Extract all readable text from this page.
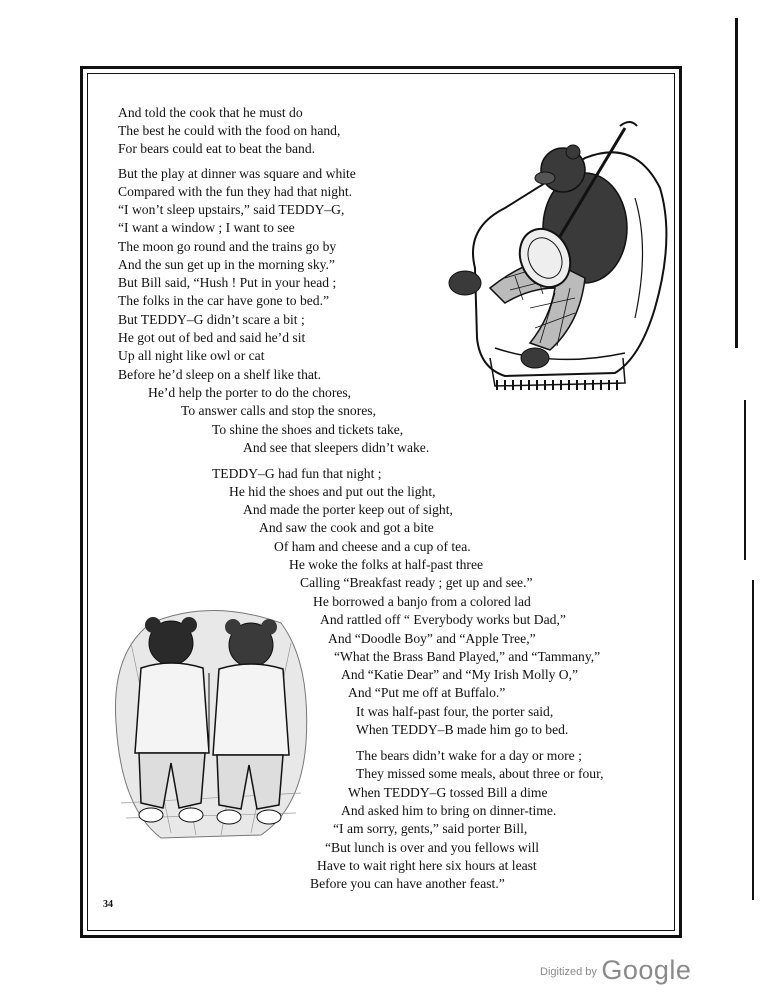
And told the cook that he must do
The best he could with the food on hand,
For bears could eat to beat the band.
But the play at dinner was square and white
Compared with the fun they had that night.
“I won’t sleep upstairs,” said TEDDY–G,
“I want a window ; I want to see
The moon go round and the trains go by
And the sun get up in the morning sky.”
But Bill said, “Hush ! Put in your head ;
The folks in the car have gone to bed.”
But TEDDY–G didn’t scare a bit ;
He got out of bed and said he’d sit
Up all night like owl or cat
Before he’d sleep on a shelf like that.
He’d help the porter to do the chores,
To answer calls and stop the snores,
To shine the shoes and tickets take,
And see that sleepers didn’t wake.
TEDDY–G had fun that night ;
He hid the shoes and put out the light,
And made the porter keep out of sight,
And saw the cook and got a bite
Of ham and cheese and a cup of tea.
He woke the folks at half-past three
Calling “Breakfast ready ; get up and see.”
He borrowed a banjo from a colored lad
And rattled off “ Everybody works but Dad,”
And “Doodle Boy” and “Apple Tree,”
“What the Brass Band Played,” and “Tammany,”
And “Katie Dear” and “My Irish Molly O,”
And “Put me off at Buffalo.”
It was half-past four, the porter said,
When TEDDY–B made him go to bed.
The bears didn’t wake for a day or more ;
They missed some meals, about three or four,
When TEDDY–G tossed Bill a dime
And asked him to bring on dinner-time.
“I am sorry, gents,” said porter Bill,
“But lunch is over and you fellows will
Have to wait right here six hours at least
Before you can have another feast.”
34
$^{Digitized by}$ Google
